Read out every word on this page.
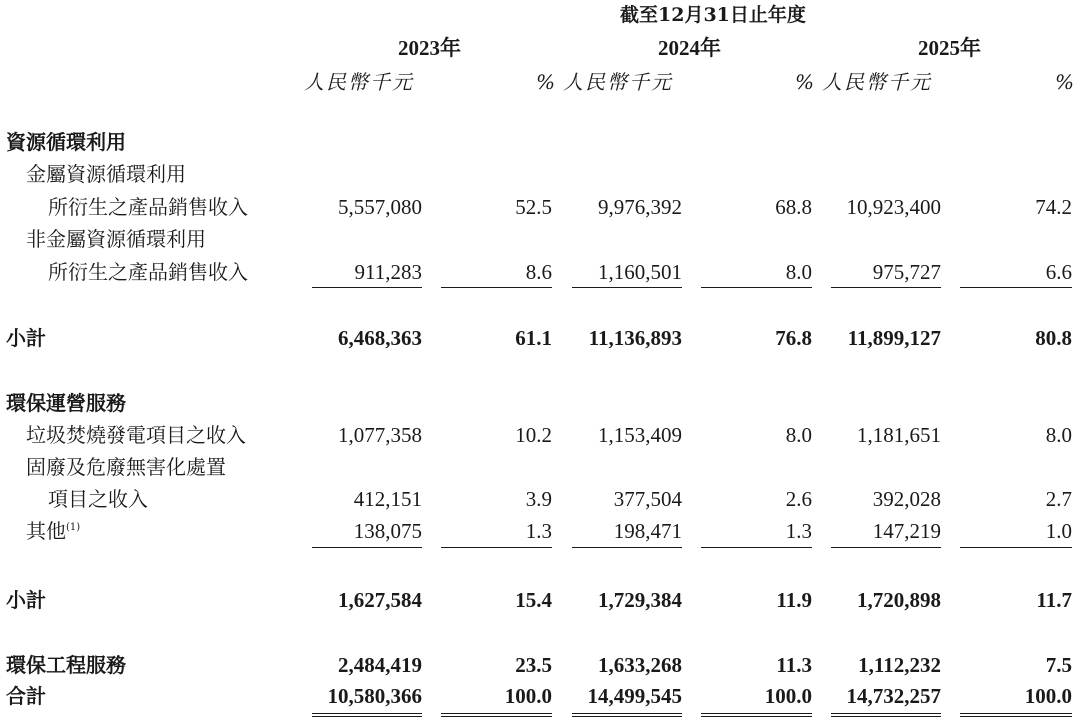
截至12月31日止年度
2023年	2024年	2025年
人民幣千元	% 人民幣千元	% 人民幣千元	%
資源循環利用
金屬資源循環利用
所衍生之產品銷售收入	5,557,080	52.5 9,976,392	68.8 10,923,400	74.2
非金屬資源循環利用
所衍生之產品銷售收入	911,283	8.6 1,160,501	8.0	975,727	6.6
小計	6,468,363	61.1 11,136,893	76.8 11,899,127	80.8
環保運營服務
垃圾焚燒發電項目之收入	1,077,358	10.2 1,153,409	8.0 1,181,651	8.0
固廢及危廢無害化處置
項目之收入	412,151	3.9	377,504	2.6	392,028	2.7
其他$^{(1)}$	138,075	1.3	198,471	1.3	147,219	1.0
小計	1,627,584	15.4 1,729,384	11.9 1,720,898	11.7
環保工程服務	2,484,419	23.5 1,633,268	11.3 1,112,232	7.5
合計	10,580,366	100.0 14,499,545	100.0 14,732,257	100.0
